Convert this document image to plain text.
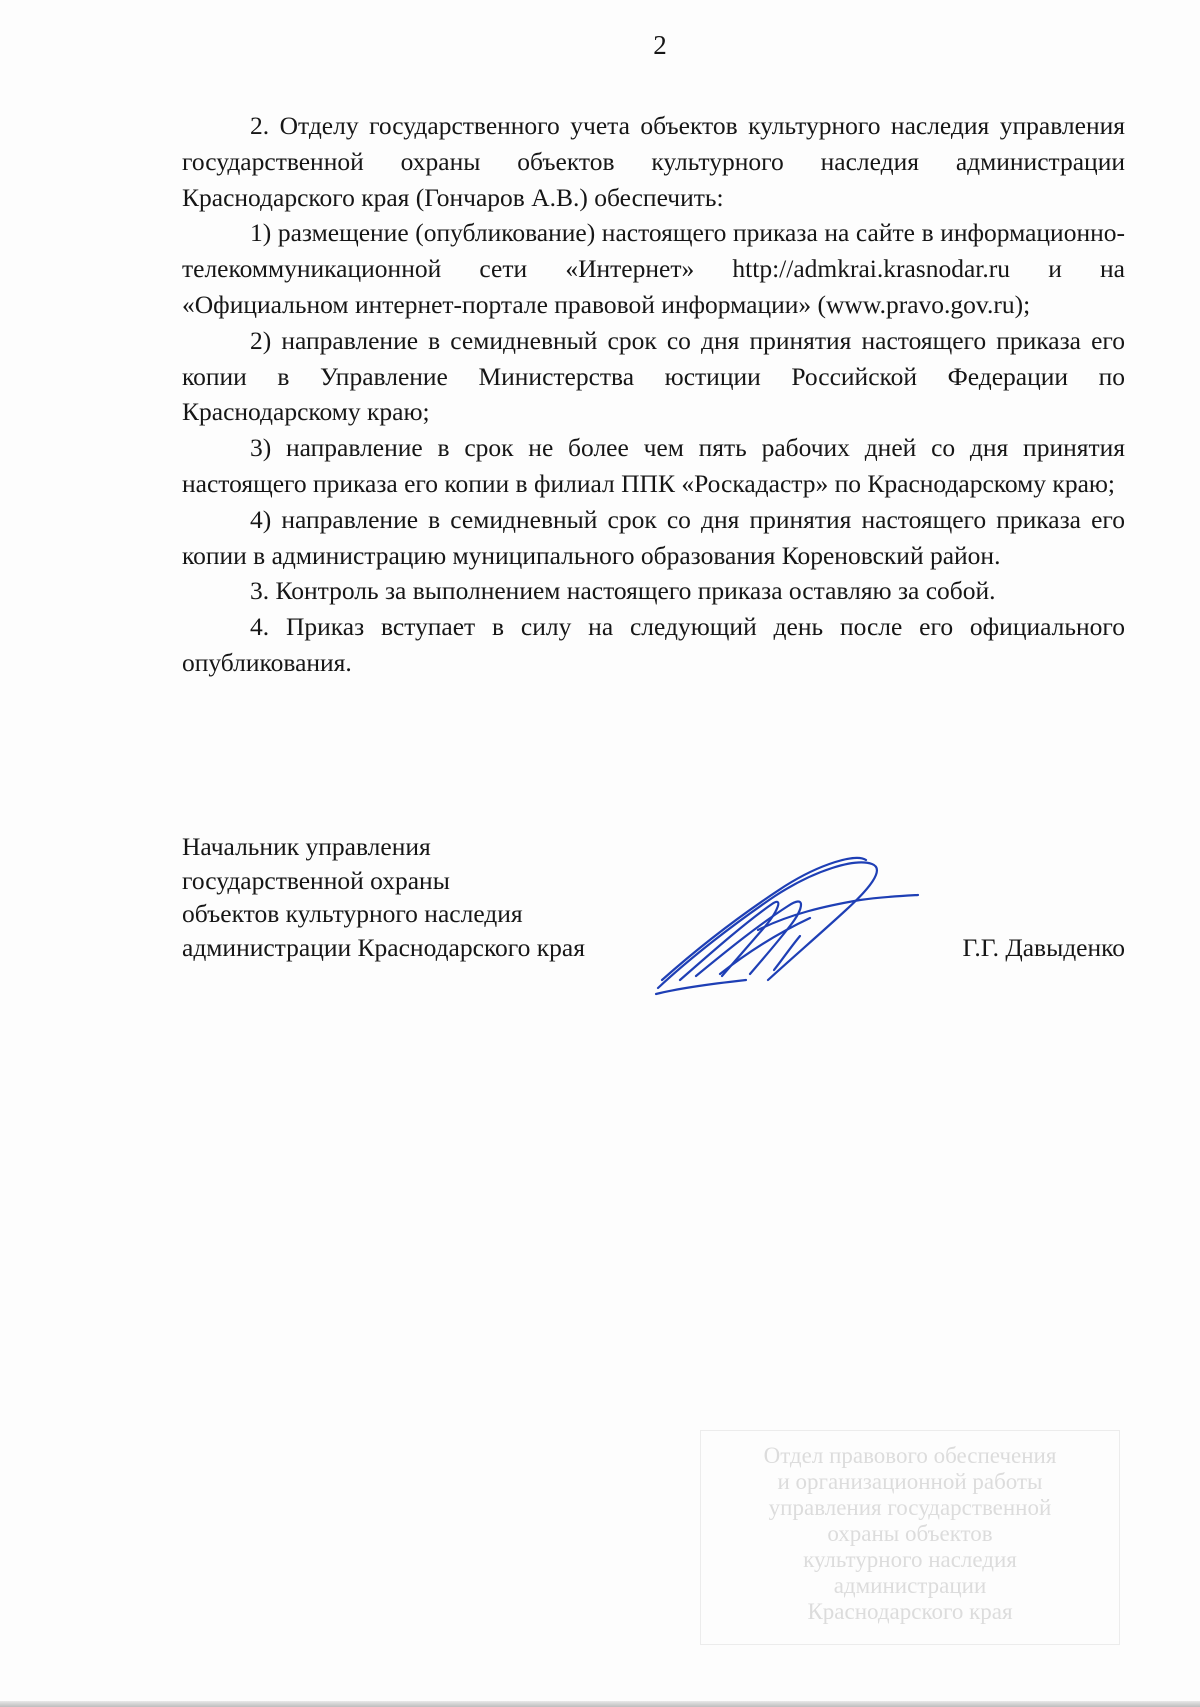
2

2. Отделу государственного учета объектов культурного наследия управления государственной охраны объектов культурного наследия администрации Краснодарского края (Гончаров А.В.) обеспечить:

1) размещение (опубликование) настоящего приказа на сайте в информационно-телекоммуникационной сети «Интернет» http://admkrai.krasnodar.ru и на «Официальном интернет-портале правовой информации» (www.pravo.gov.ru);

2) направление в семидневный срок со дня принятия настоящего приказа его копии в Управление Министерства юстиции Российской Федерации по Краснодарскому краю;

3) направление в срок не более чем пять рабочих дней со дня принятия настоящего приказа его копии в филиал ППК «Роскадастр» по Краснодарскому краю;

4) направление в семидневный срок со дня принятия настоящего приказа его копии в администрацию муниципального образования Кореновский район.

3. Контроль за выполнением настоящего приказа оставляю за собой.

4. Приказ вступает в силу на следующий день после его официального опубликования.

Начальник управления
государственной охраны
объектов культурного наследия
администрации Краснодарского края	Г.Г. Давыденко
Отдел правового обеспечения
и организационной работы
управления государственной
охраны объектов
культурного наследия
администрации
Краснодарского края
